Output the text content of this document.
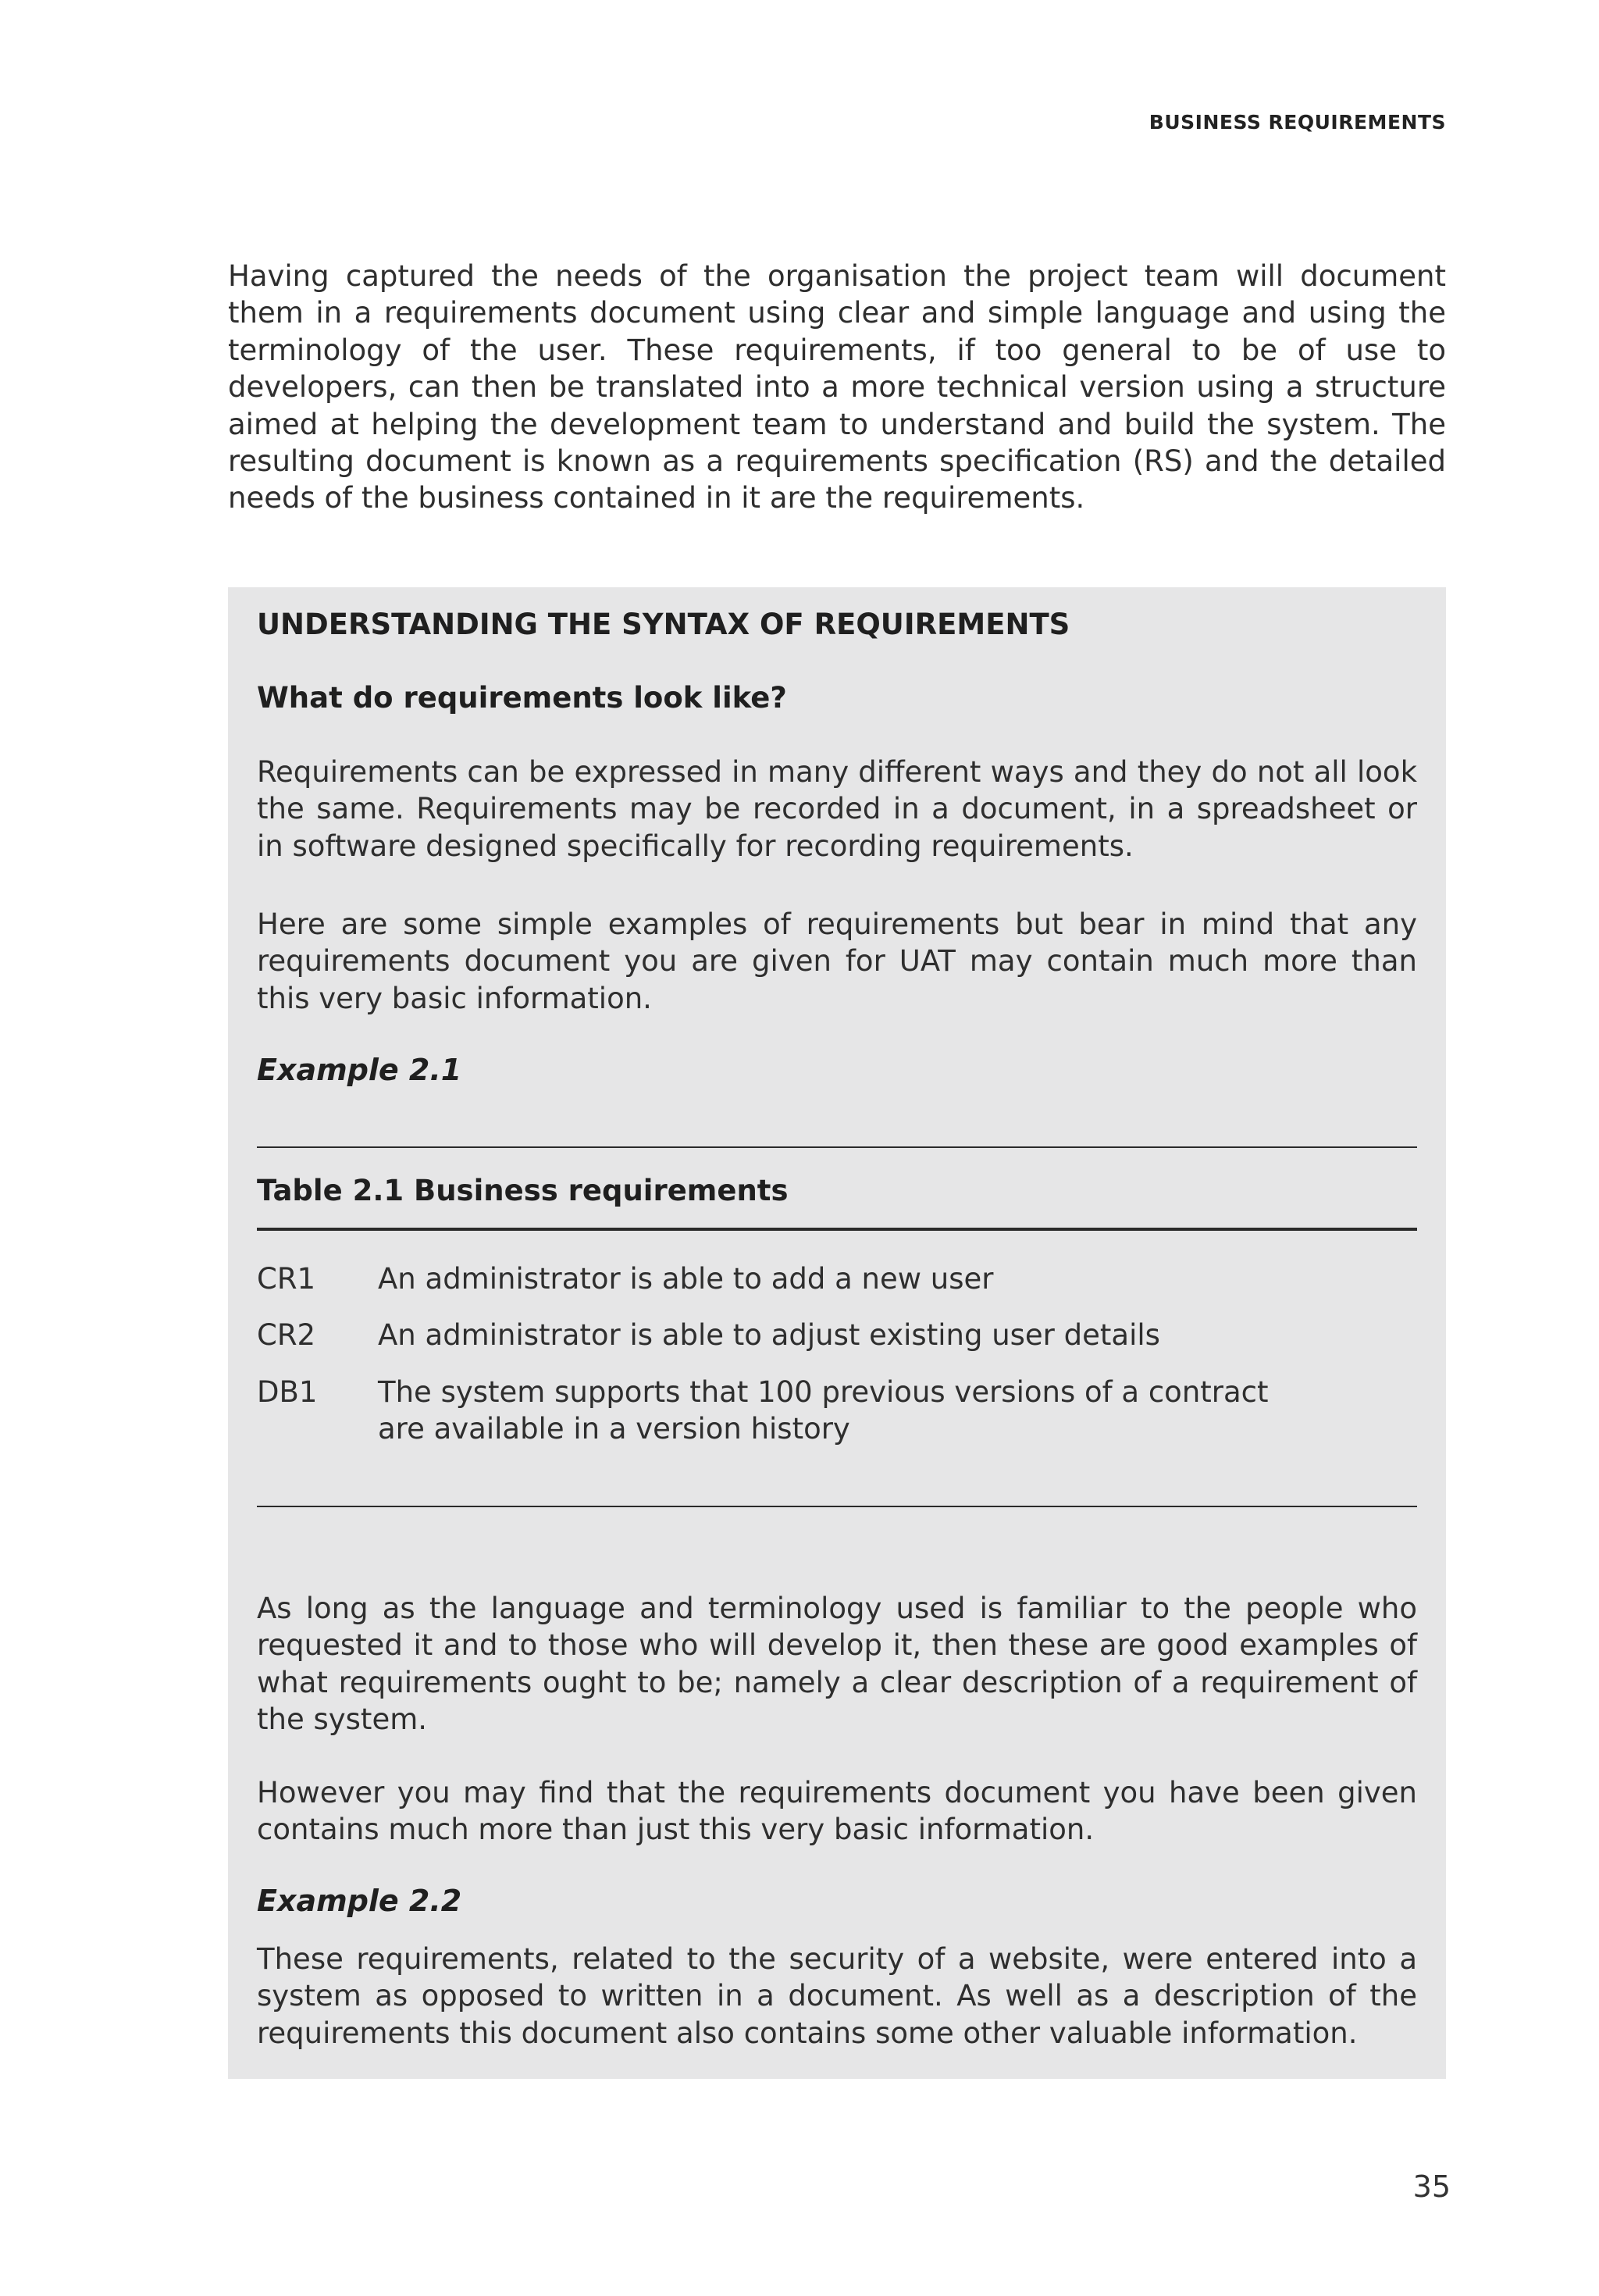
BUSINESS REQUIREMENTS

Having captured the needs of the organisation the project team will document them in a requirements document using clear and simple language and using the terminology of the user. These requirements, if too general to be of use to developers, can then be translated into a more technical version using a structure aimed at helping the development team to understand and build the system. The resulting document is known as a requirements specification (RS) and the detailed needs of the business contained in it are the requirements.

UNDERSTANDING THE SYNTAX OF REQUIREMENTS

What do requirements look like?

Requirements can be expressed in many different ways and they do not all look the same. Requirements may be recorded in a document, in a spreadsheet or in software designed specifically for recording requirements.

Here are some simple examples of requirements but bear in mind that any requirements document you are given for UAT may contain much more than this very basic information.

Example 2.1

Table 2.1 Business requirements

CR1	An administrator is able to add a new user
CR2	An administrator is able to adjust existing user details
DB1	The system supports that 100 previous versions of a contract are available in a version history

As long as the language and terminology used is familiar to the people who requested it and to those who will develop it, then these are good examples of what requirements ought to be; namely a clear description of a requirement of the system.

However you may find that the requirements document you have been given contains much more than just this very basic information.

Example 2.2

These requirements, related to the security of a website, were entered into a system as opposed to written in a document. As well as a description of the requirements this document also contains some other valuable information.

35
